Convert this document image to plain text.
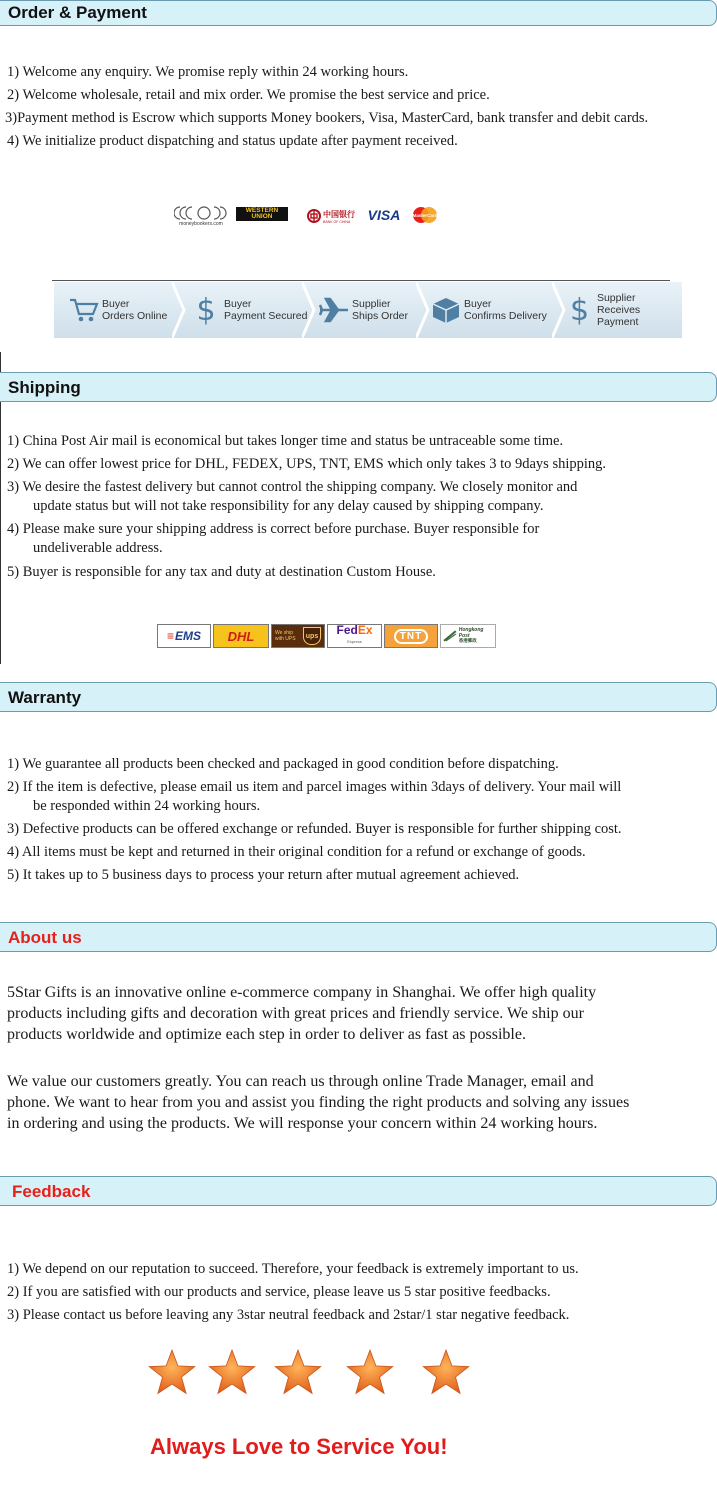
Order & Payment
1) Welcome any enquiry. We promise reply within 24 working hours.
2) Welcome wholesale, retail and mix order. We promise the best service and price.
3)Payment method is Escrow which supports Money bookers, Visa, MasterCard, bank transfer and debit cards.
4) We initialize product dispatching and status update after payment received.
moneybookers.com
WESTERN
UNION	中国银行
BANK OF CHINA	VISA	MasterCard
Buyer
Orders Online $ Buyer
Payment Secured
Supplier
Ships Order
Buyer
Confirms Delivery $ Supplier
Receives Payment
Shipping
1) China Post Air mail is economical but takes longer time and status be untraceable some time.
2) We can offer lowest price for DHL, FEDEX, UPS, TNT, EMS which only takes 3 to 9days shipping.
3) We desire the fastest delivery but cannot control the shipping company. We closely monitor and
update status but will not take responsibility for any delay caused by shipping company.
4) Please make sure your shipping address is correct before purchase. Buyer responsible for
undeliverable address.
5) Buyer is responsible for any tax and duty at destination Custom House.
≡ EMS	DHL	We ship with UPS	ups FedEx
Express	TNT
Hongkong Post
香港郵政
Warranty
1) We guarantee all products been checked and packaged in good condition before dispatching.
2) If the item is defective, please email us item and parcel images within 3days of delivery. Your mail will
be responded within 24 working hours.
3) Defective products can be offered exchange or refunded. Buyer is responsible for further shipping cost.
4) All items must be kept and returned in their original condition for a refund or exchange of goods.
5) It takes up to 5 business days to process your return after mutual agreement achieved.
About us
5Star Gifts is an innovative online e-commerce company in Shanghai. We offer high quality
products including gifts and decoration with great prices and friendly service. We ship our
products worldwide and optimize each step in order to deliver as fast as possible.
We value our customers greatly. You can reach us through online Trade Manager, email and
phone. We want to hear from you and assist you finding the right products and solving any issues
in ordering and using the products. We will response your concern within 24 working hours.
Feedback
1) We depend on our reputation to succeed. Therefore, your feedback is extremely important to us.
2) If you are satisfied with our products and service, please leave us 5 star positive feedbacks.
3) Please contact us before leaving any 3star neutral feedback and 2star/1 star negative feedback.
Always Love to Service You!
